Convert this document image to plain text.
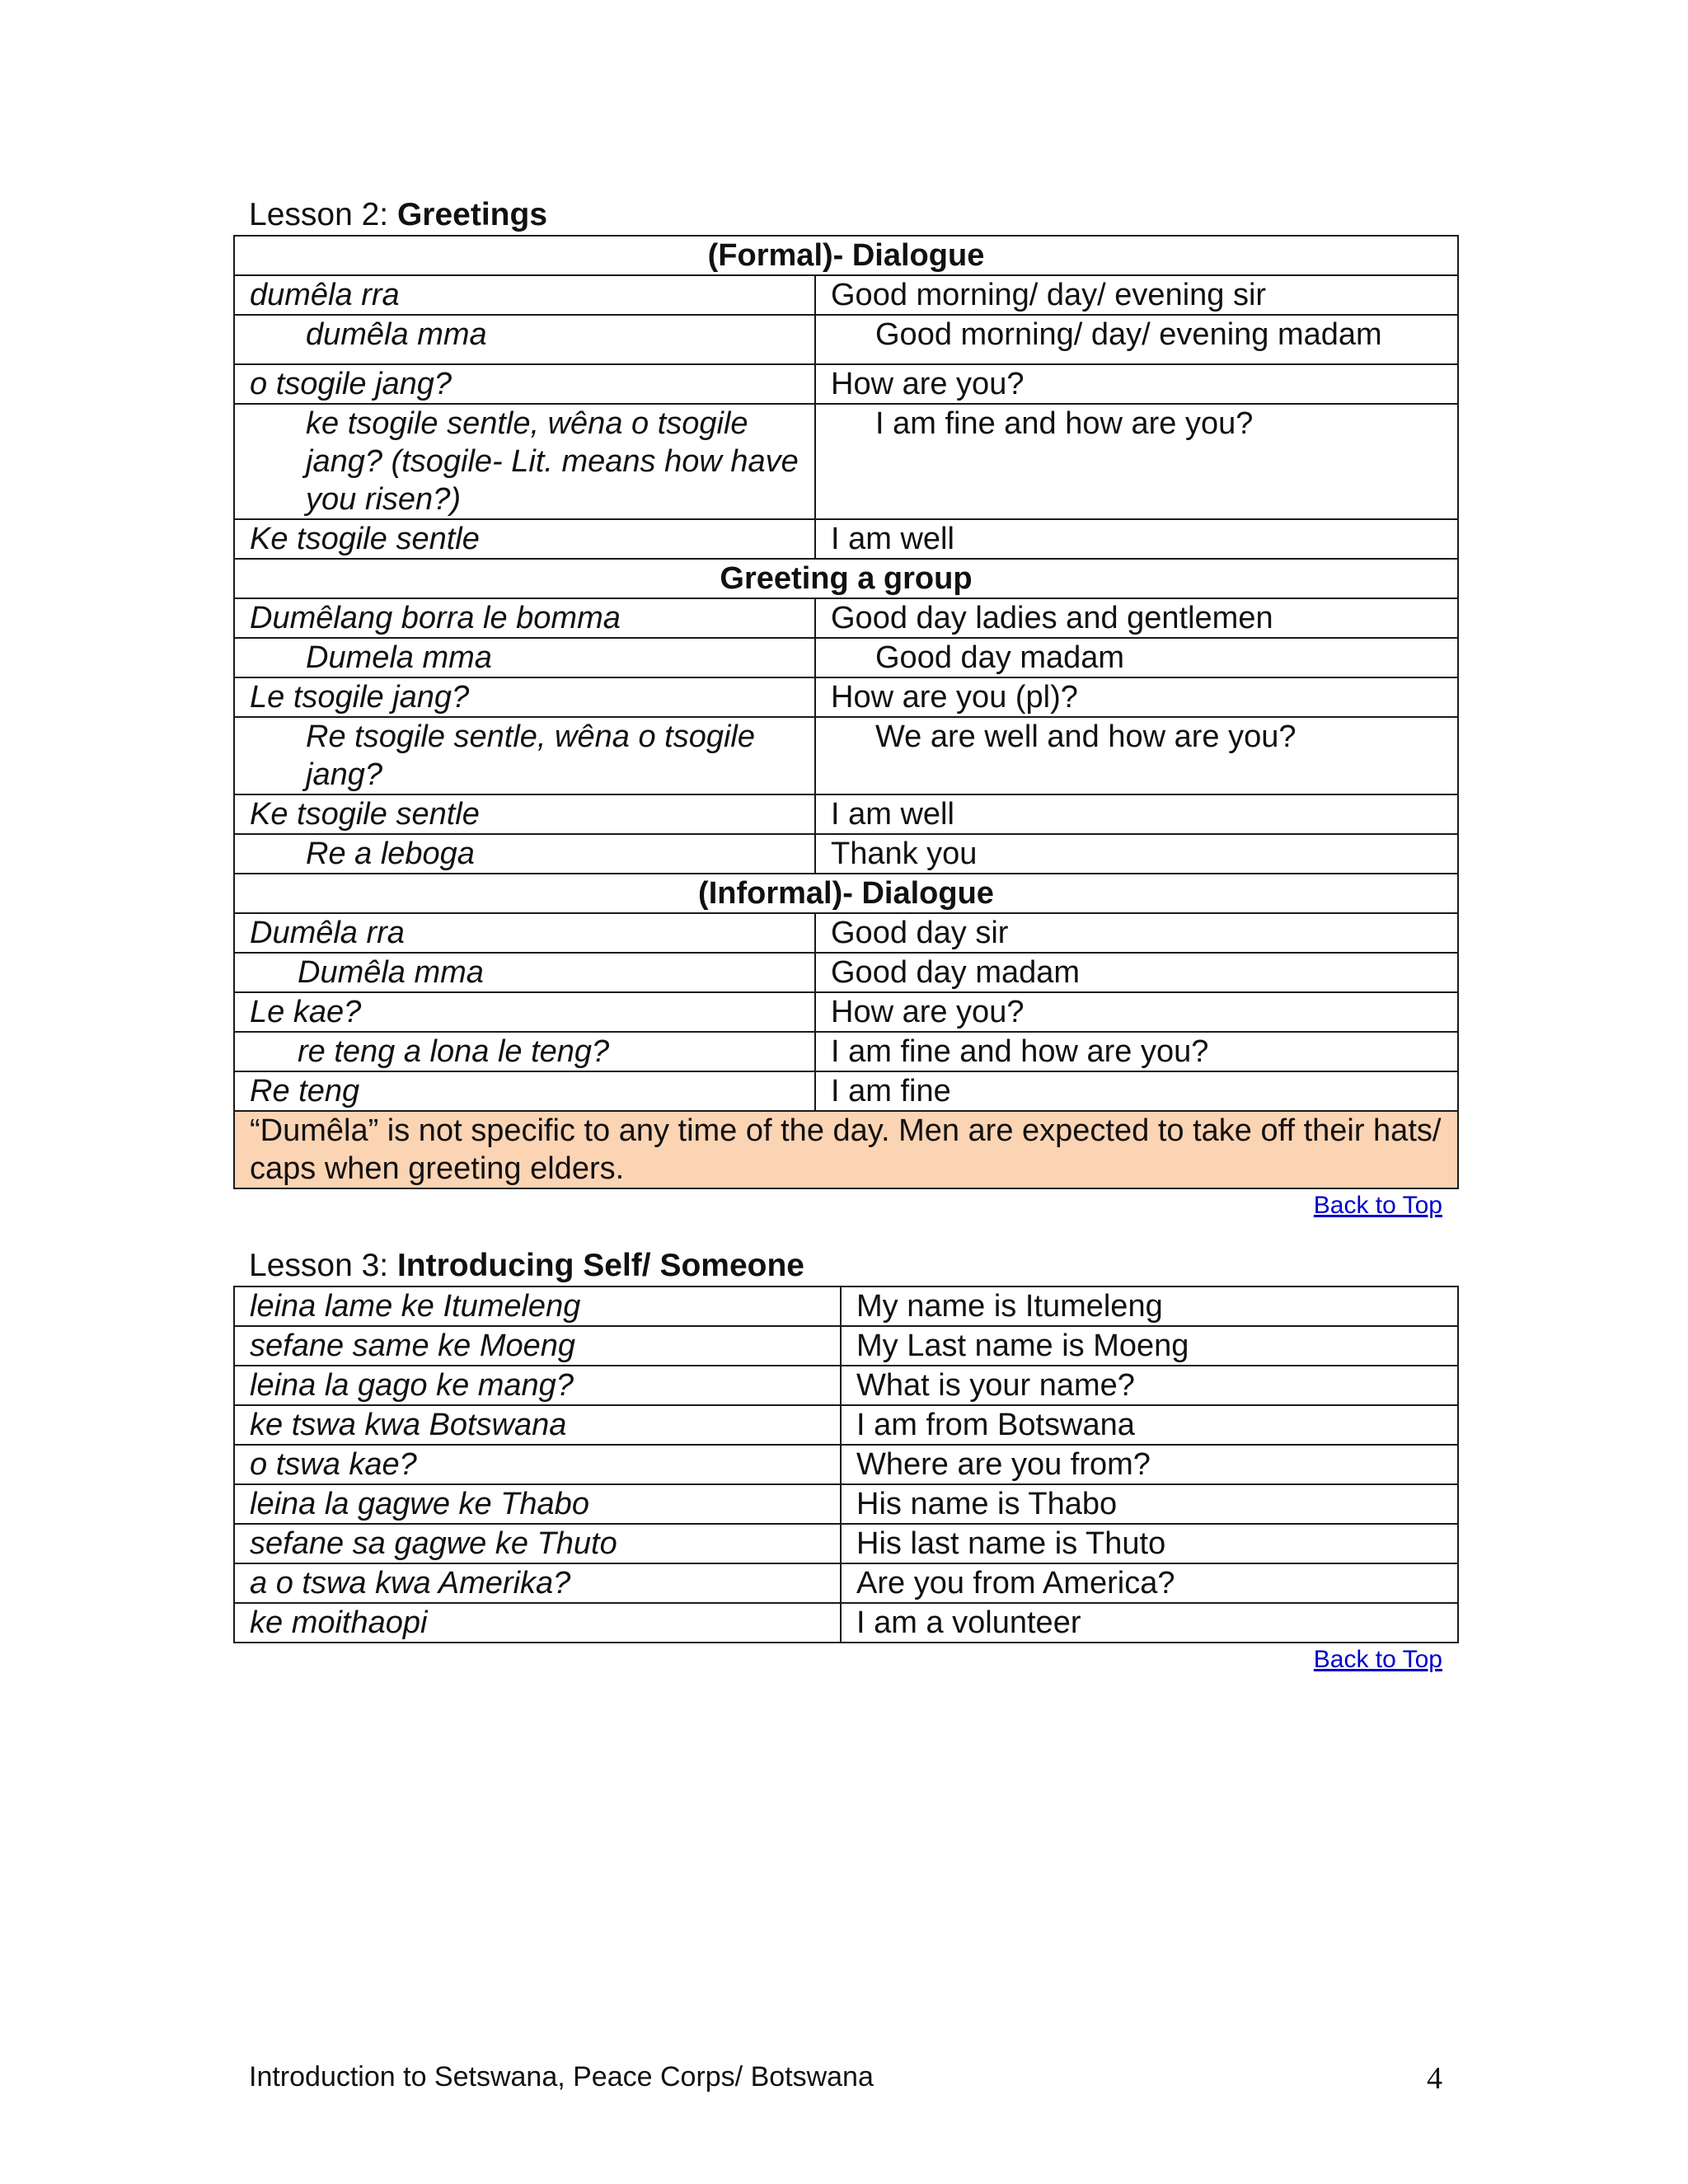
Lesson 2: Greetings
(Formal)- Dialogue	
dumêla rra	Good morning/ day/ evening sir
dumêla mma	Good morning/ day/ evening madam
o tsogile jang?	How are you?
ke tsogile sentle, wêna o tsogile jang? (tsogile- Lit. means how have you risen?)	I am fine and how are you?
Ke tsogile sentle	I am well
Greeting a group	
Dumêlang borra le bomma	Good day ladies and gentlemen
Dumela mma	Good day madam
Le tsogile jang?	How are you (pl)?
Re tsogile sentle, wêna o tsogile jang?	We are well and how are you?
Ke tsogile sentle	I am well
Re a leboga	Thank you
(Informal)- Dialogue	
Dumêla rra	Good day sir
Dumêla mma	Good day madam
Le kae?	How are you?
re teng a lona le teng?	I am fine and how are you?
Re teng	I am fine
“Dumêla” is not specific to any time of the day. Men are expected to take off their hats/ caps when greeting elders.	
Back to Top
Lesson 3: Introducing Self/ Someone
leina lame ke Itumeleng	My name is Itumeleng
sefane same ke Moeng	My Last name is Moeng
leina la gago ke mang?	What is your name?
ke tswa kwa Botswana	I am from Botswana
o tswa kae?	Where are you from?
leina la gagwe ke Thabo	His name is Thabo
sefane sa gagwe ke Thuto	His last name is Thuto
a o tswa kwa Amerika?	Are you from America?
ke moithaopi	I am a volunteer
Back to Top
Introduction to Setswana, Peace Corps/ Botswana	4
